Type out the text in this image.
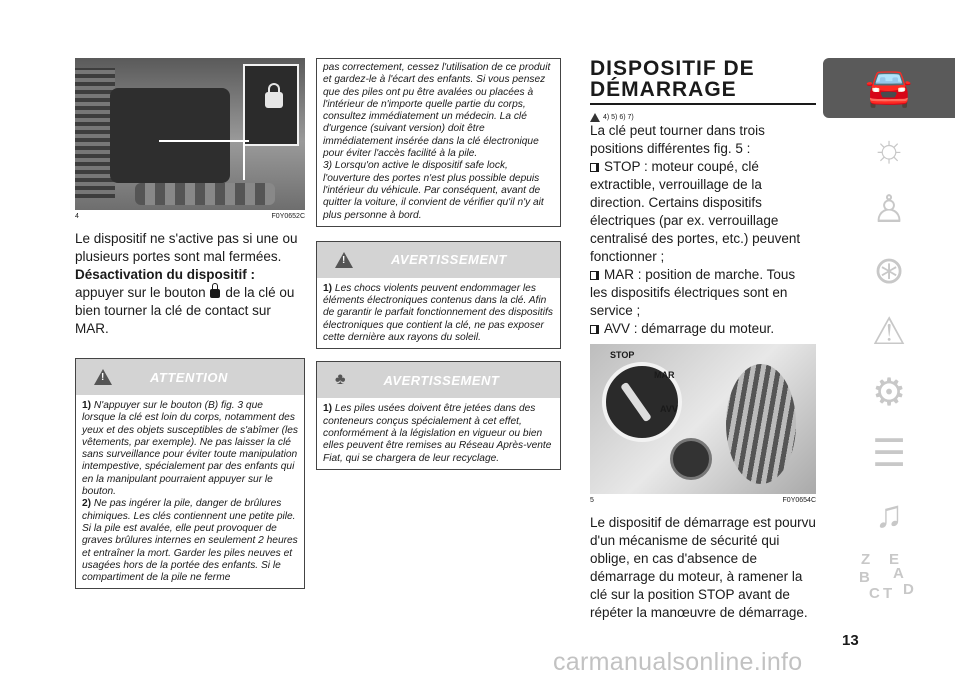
4	F0Y0652C

Le dispositif ne s'active pas si une ou plusieurs portes sont mal fermées.

Désactivation du dispositif : appuyer sur le bouton de la clé ou bien tourner la clé de contact sur MAR.

!
ATTENTION

1) N'appuyer sur le bouton (B) fig. 3 que lorsque la clé est loin du corps, notamment des yeux et des objets susceptibles de s'abîmer (les vêtements, par exemple). Ne pas laisser la clé sans surveillance pour éviter toute manipulation intempestive, spécialement par des enfants qui en la manipulant pourraient appuyer sur le bouton.

2) Ne pas ingérer la pile, danger de brûlures chimiques. Les clés contiennent une petite pile. Si la pile est avalée, elle peut provoquer de graves brûlures internes en seulement 2 heures et entraîner la mort. Garder les piles neuves et usagées hors de la portée des enfants. Si le compartiment de la pile ne ferme

pas correctement, cessez l'utilisation de ce produit et gardez-le à l'écart des enfants. Si vous pensez que des piles ont pu être avalées ou placées à l'intérieur de n'importe quelle partie du corps, consultez immédiatement un médecin. La clé d'urgence (suivant version) doit être immédiatement insérée dans la clé électronique pour éviter l'accès facilité à la pile.

3) Lorsqu'on active le dispositif safe lock, l'ouverture des portes n'est plus possible depuis l'intérieur du véhicule. Par conséquent, avant de quitter la voiture, il convient de vérifier qu'il n'y ait plus personne à bord.

!
AVERTISSEMENT

1) Les chocs violents peuvent endommager les éléments électroniques contenus dans la clé. Afin de garantir le parfait fonctionnement des dispositifs électroniques que contient la clé, ne pas exposer cette dernière aux rayons du soleil.

♣	AVERTISSEMENT

1) Les piles usées doivent être jetées dans des conteneurs conçus spécialement à cet effet, conformément à la législation en vigueur ou bien elles peuvent être remises au Réseau Après-vente Fiat, qui se chargera de leur recyclage.

DISPOSITIF DE
DÉMARRAGE
4) 5) 6) 7)

La clé peut tourner dans trois positions différentes fig. 5 :

STOP : moteur coupé, clé extractible, verrouillage de la direction. Certains dispositifs électriques (par ex. verrouillage centralisé des portes, etc.) peuvent fonctionner ;

MAR : position de marche. Tous les dispositifs électriques sont en service ;

AVV : démarrage du moteur.

STOP
MAR
AVV
5	F0Y0654C

Le dispositif de démarrage est pourvu d'un mécanisme de sécurité qui oblige, en cas d'absence de démarrage du moteur, à ramener la clé sur la position STOP avant de répéter la manœuvre de démarrage.

🚘
☼
♙
⊛
⚠
⚙
☰
♫
Z E
B A
C T D
13
carmanualsonline.info
